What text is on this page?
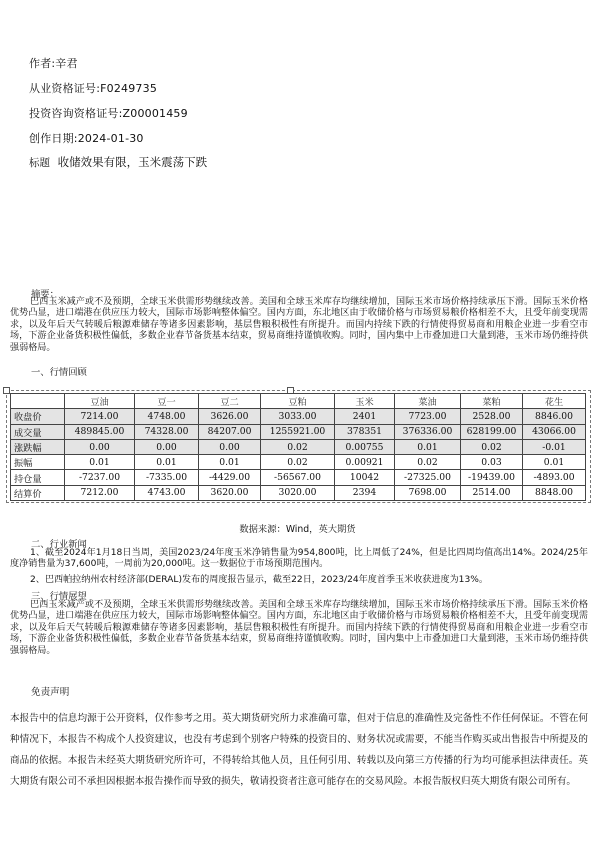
作者:辛君
从业资格证号:F0249735
投资咨询资格证号:Z00001459
创作日期:2024-01-30
标题 收储效果有限，玉米震荡下跌
摘要：
巴西玉米减产或不及预期，全球玉米供需形势继续改善。美国和全球玉米库存均继续增加，国际玉米市场价格持续承压下滑。国际玉米价格优势凸显，进口端港在供应压力较大，国际市场影响整体偏空。国内方面，东北地区由于收储价格与市场贸易粮价格相差不大，且受年前变现需求，以及年后天气转暖后粮源难储存等诸多因素影响，基层售粮积极性有所提升。而国内持续下跌的行情使得贸易商和用粮企业进一步看空市场，下游企业备货积极性偏低，多数企业春节备货基本结束，贸易商维持谨慎收购。同时，国内集中上市叠加进口大量到港，玉米市场仍维持供强弱格局。
一、行情回顾
	豆油	豆一	豆二	豆粕	玉米	菜油	菜粕	花生
收盘价	7214.00	4748.00	3626.00	3033.00	2401	7723.00	2528.00	8846.00
成交量	489845.00	74328.00	84207.00	1255921.00	378351	376336.00	628199.00	43066.00
涨跌幅	0.00	0.00	0.00	0.02	0.00755	0.01	0.02	-0.01
振幅	0.01	0.01	0.01	0.02	0.00921	0.02	0.03	0.01
持仓量	-7237.00	-7335.00	-4429.00	-56567.00	10042	-27325.00	-19439.00	-4893.00
结算价	7212.00	4743.00	3620.00	3020.00	2394	7698.00	2514.00	8848.00
数据来源：Wind，英大期货
二、行业新闻
1、截至2024年1月18日当周，美国2023/24年度玉米净销售量为954,800吨，比上周低了24%，但是比四周均值高出14%。2024/25年度净销售量为37,600吨，一周前为20,000吨。这一数据位于市场预期范围内。
2、巴西帕拉纳州农村经济部(DERAL)发布的周度报告显示，截至22日，2023/24年度首季玉米收获进度为13%。
三、行情展望
巴西玉米减产或不及预期，全球玉米供需形势继续改善。美国和全球玉米库存均继续增加，国际玉米市场价格持续承压下滑。国际玉米价格优势凸显，进口端港在供应压力较大，国际市场影响整体偏空。国内方面，东北地区由于收储价格与市场贸易粮价格相差不大，且受年前变现需求，以及年后天气转暖后粮源难储存等诸多因素影响，基层售粮积极性有所提升。而国内持续下跌的行情使得贸易商和用粮企业进一步看空市场，下游企业备货积极性偏低，多数企业春节备货基本结束，贸易商维持谨慎收购。同时，国内集中上市叠加进口大量到港，玉米市场仍维持供强弱格局。
免责声明
本报告中的信息均源于公开资料，仅作参考之用。英大期货研究所力求准确可靠，但对于信息的准确性及完备性不作任何保证。不管在何种情况下，本报告不构成个人投资建议，也没有考虑到个别客户特殊的投资目的、财务状况或需要，不能当作购买或出售报告中所提及的商品的依据。本报告未经英大期货研究所许可，不得转给其他人员，且任何引用、转载以及向第三方传播的行为均可能承担法律责任。英大期货有限公司不承担因根据本报告操作而导致的损失，敬请投资者注意可能存在的交易风险。本报告版权归英大期货有限公司所有。
